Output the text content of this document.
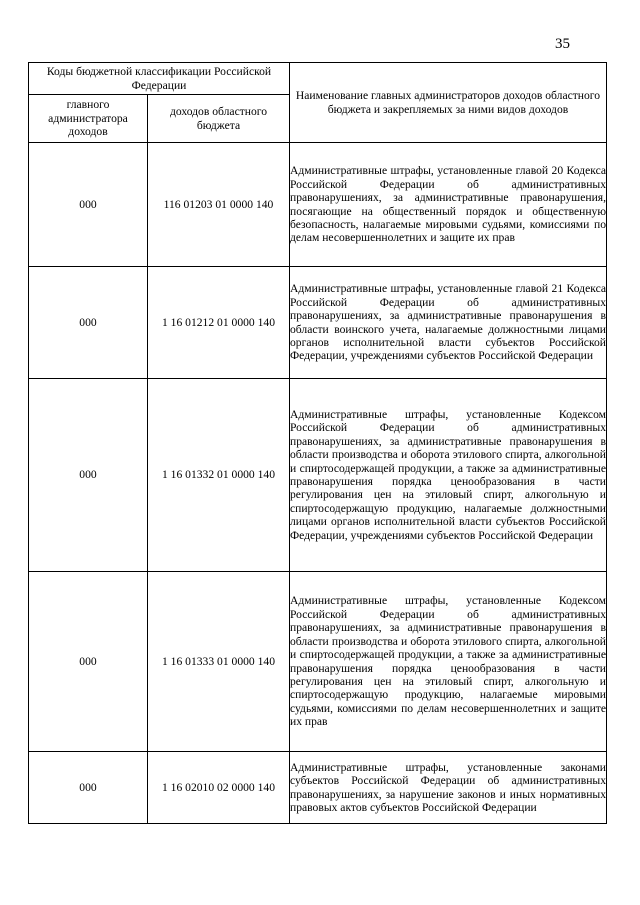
35
Коды бюджетной классификации Российской Федерации		Наименование главных администраторов доходов областного бюджета и закрепляемых за ними видов доходов
главного администратора доходов	доходов областного бюджета	
000	116 01203 01 0000 140	Административные штрафы, установленные главой 20 Кодекса Российской Федерации об административных правонарушениях, за административные правонарушения, посягающие на общественный порядок и общественную безопасность, налагаемые мировыми судьями, комиссиями по делам несовершеннолетних и защите их прав
000	1 16 01212 01 0000 140	Административные штрафы, установленные главой 21 Кодекса Российской Федерации об административных правонарушениях, за административные правонарушения в области воинского учета, налагаемые должностными лицами органов исполнительной власти субъектов Российской Федерации, учреждениями субъектов Российской Федерации
000	1 16 01332 01 0000 140	Административные штрафы, установленные Кодексом Российской Федерации об административных правонарушениях, за административные правонарушения в области производства и оборота этилового спирта, алкогольной и спиртосодержащей продукции, а также за административные правонарушения порядка ценообразования в части регулирования цен на этиловый спирт, алкогольную и спиртосодержащую продукцию, налагаемые должностными лицами органов исполнительной власти субъектов Российской Федерации, учреждениями субъектов Российской Федерации
000	1 16 01333 01 0000 140	Административные штрафы, установленные Кодексом Российской Федерации об административных правонарушениях, за административные правонарушения в области производства и оборота этилового спирта, алкогольной и спиртосодержащей продукции, а также за административные правонарушения порядка ценообразования в части регулирования цен на этиловый спирт, алкогольную и спиртосодержащую продукцию, налагаемые мировыми судьями, комиссиями по делам несовершеннолетних и защите их прав
000	1 16 02010 02 0000 140	Административные штрафы, установленные законами субъектов Российской Федерации об административных правонарушениях, за нарушение законов и иных нормативных правовых актов субъектов Российской Федерации
